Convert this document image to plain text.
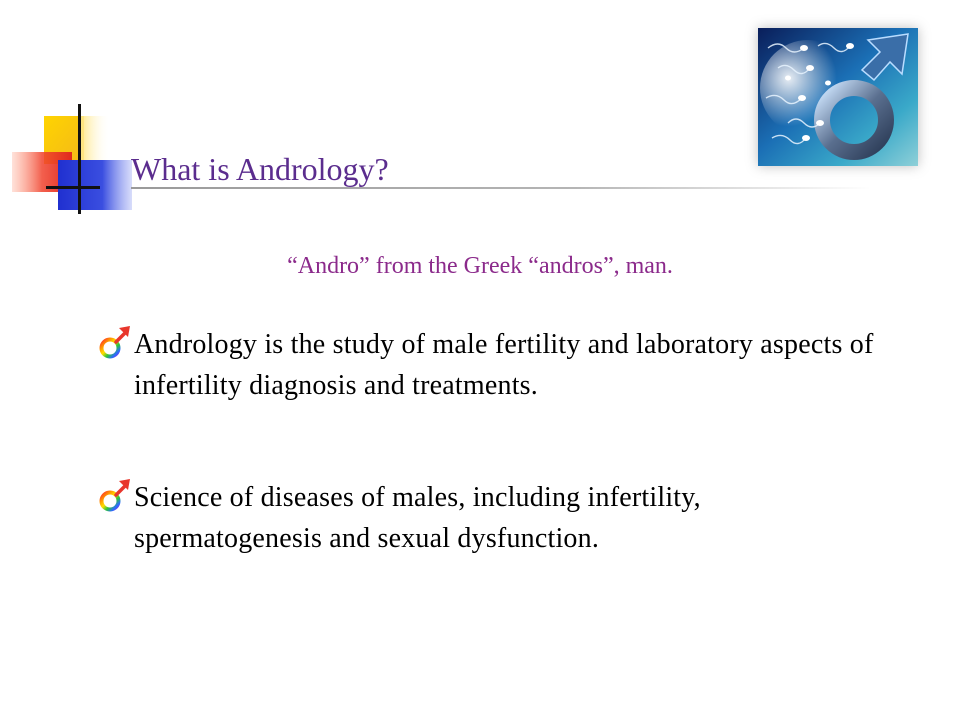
What is Andrology?
“Andro” from the Greek “andros”, man.

Andrology is the study of male fertility and laboratory aspects of infertility diagnosis and treatments.

Science of diseases of males, including infertility, spermatogenesis and sexual dysfunction.
